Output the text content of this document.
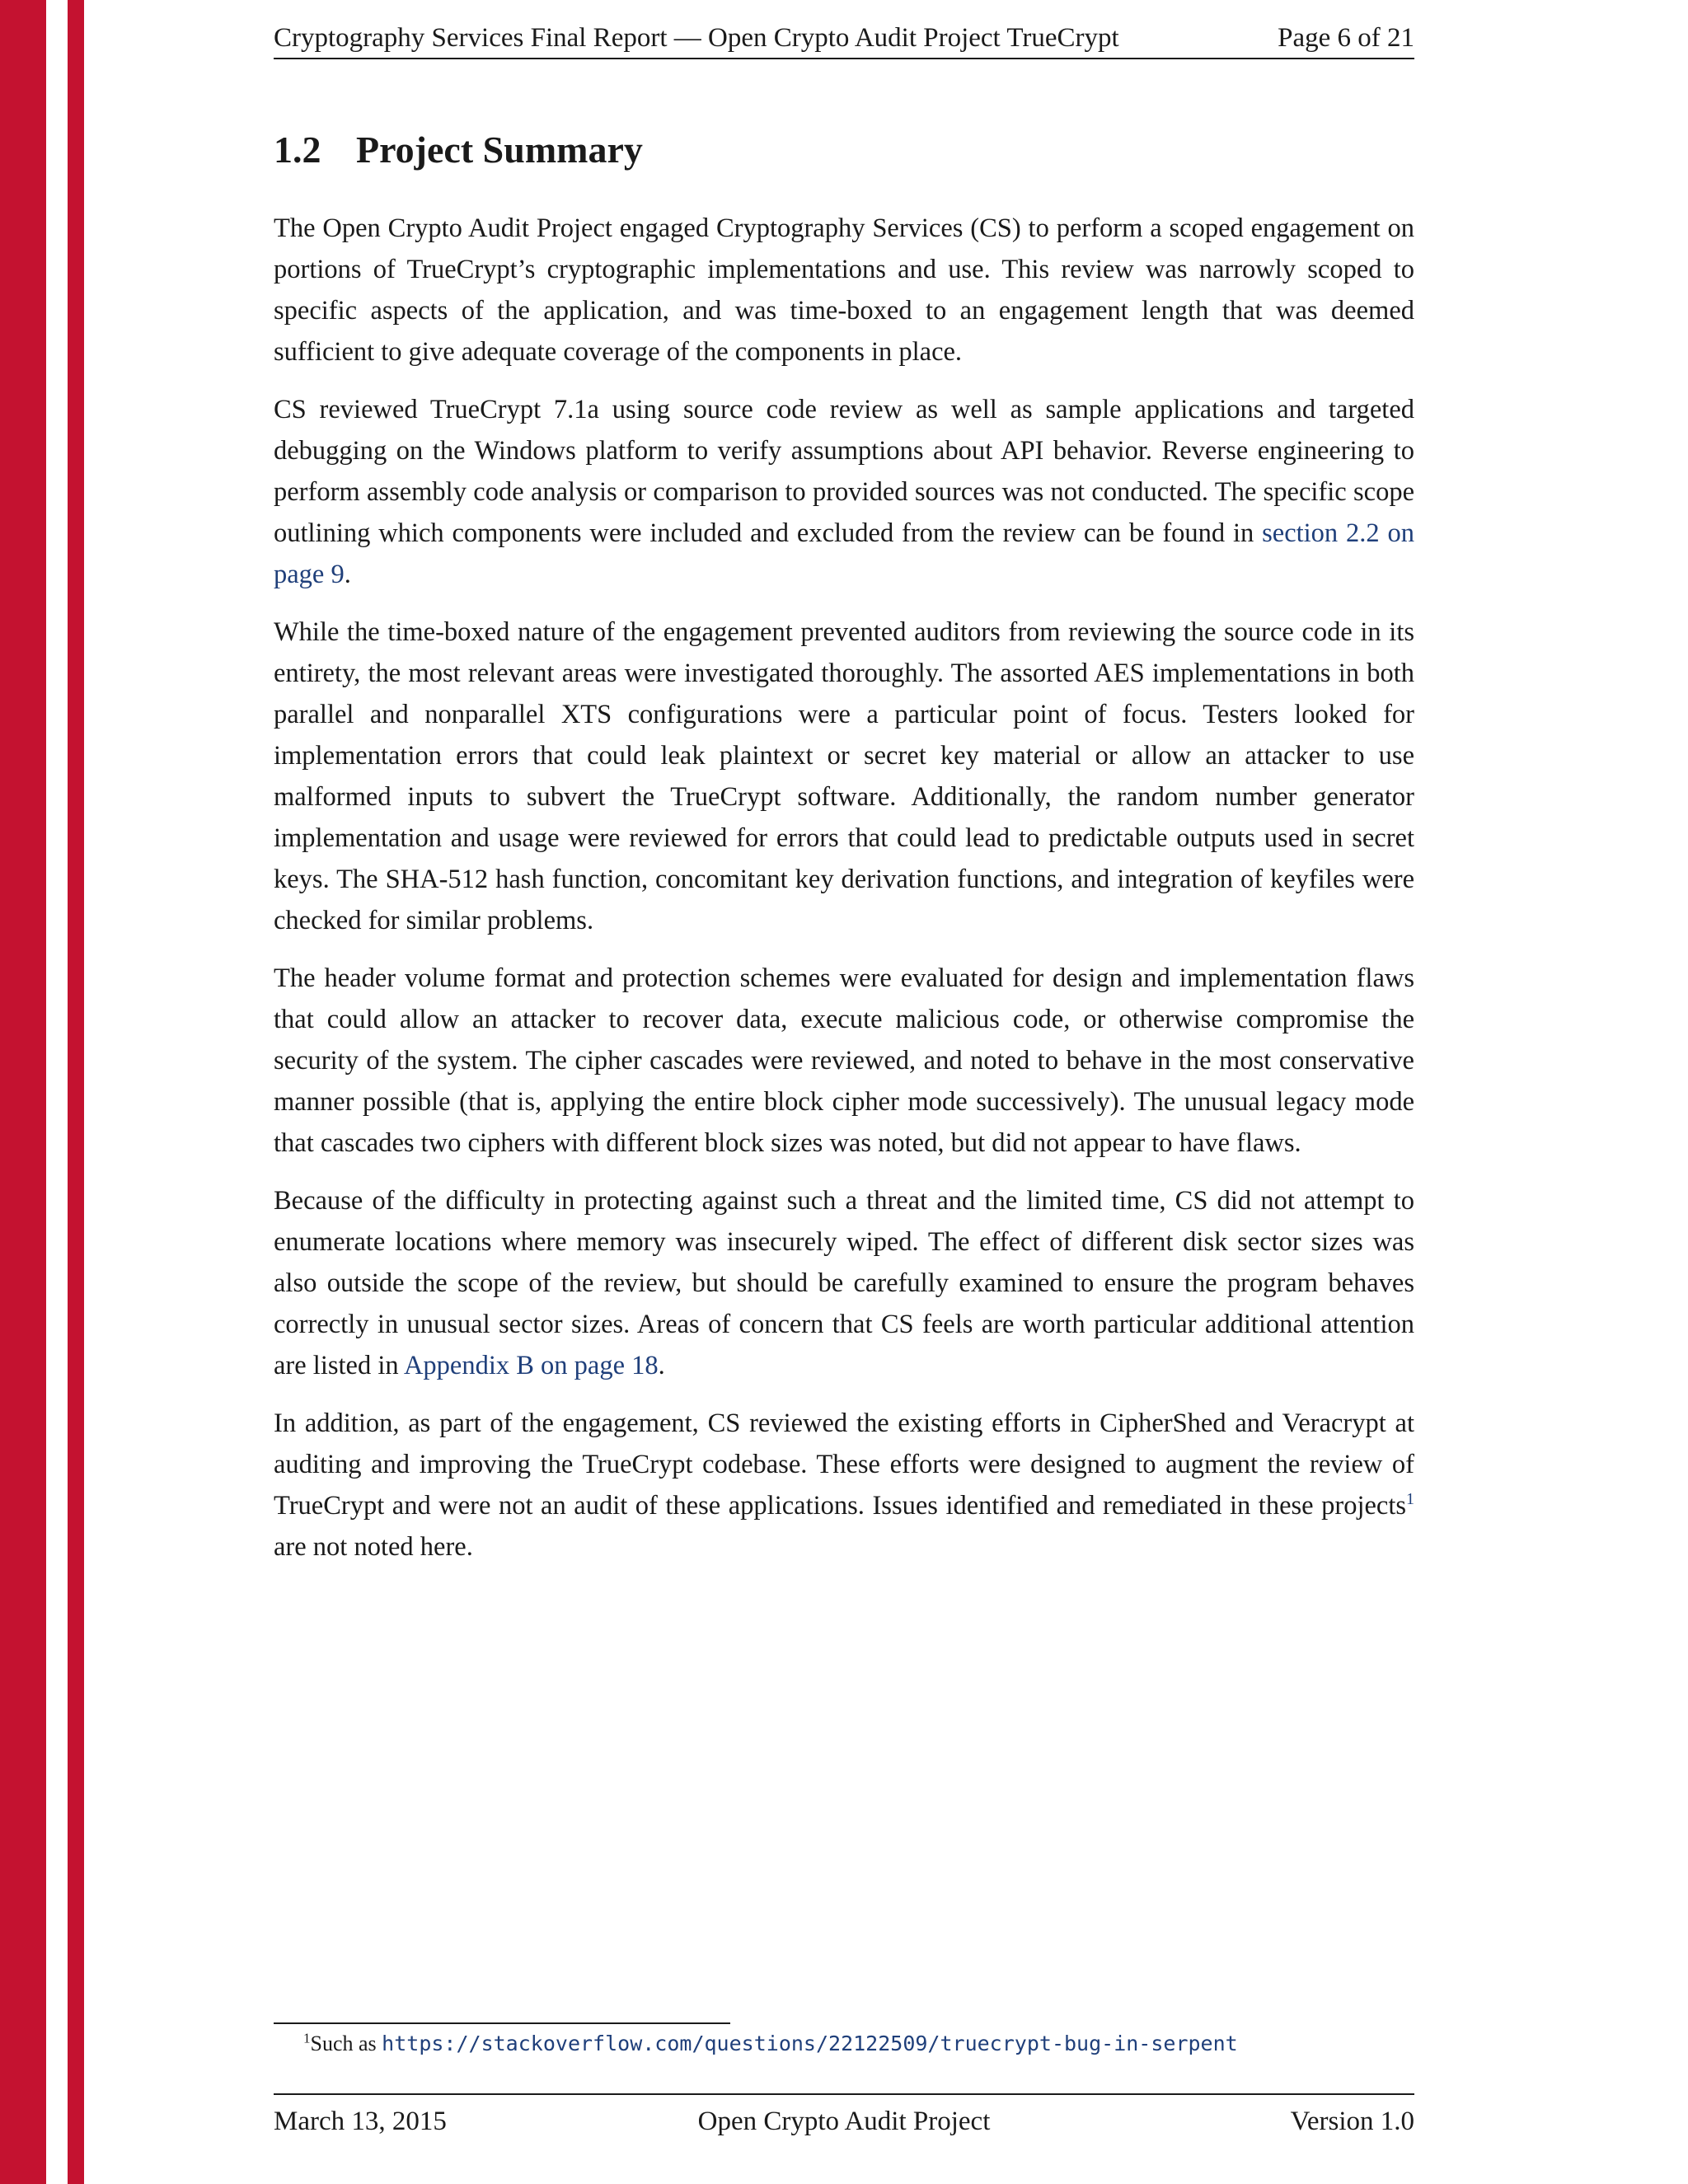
Cryptography Services Final Report — Open Crypto Audit Project TrueCrypt	Page 6 of 21
1.2 Project Summary

The Open Crypto Audit Project engaged Cryptography Services (CS) to perform a scoped engagement on portions of TrueCrypt’s cryptographic implementations and use. This review was narrowly scoped to specific aspects of the application, and was time-boxed to an engagement length that was deemed sufficient to give adequate coverage of the components in place.

CS reviewed TrueCrypt 7.1a using source code review as well as sample applications and targeted debugging on the Windows platform to verify assumptions about API behavior. Reverse engineering to perform assembly code analysis or comparison to provided sources was not conducted. The specific scope outlining which components were included and excluded from the review can be found in section 2.2 on page 9.

While the time-boxed nature of the engagement prevented auditors from reviewing the source code in its entirety, the most relevant areas were investigated thoroughly. The assorted AES implementations in both parallel and nonparallel XTS configurations were a particular point of focus. Testers looked for implementation errors that could leak plaintext or secret key material or allow an attacker to use malformed inputs to subvert the TrueCrypt software. Additionally, the random number generator implementation and usage were reviewed for errors that could lead to predictable outputs used in secret keys. The SHA-512 hash function, concomitant key derivation functions, and integration of keyfiles were checked for similar problems.

The header volume format and protection schemes were evaluated for design and implementation flaws that could allow an attacker to recover data, execute malicious code, or otherwise compromise the security of the system. The cipher cascades were reviewed, and noted to behave in the most conservative manner possible (that is, applying the entire block cipher mode successively). The unusual legacy mode that cascades two ciphers with different block sizes was noted, but did not appear to have flaws.

Because of the difficulty in protecting against such a threat and the limited time, CS did not attempt to enumerate locations where memory was insecurely wiped. The effect of different disk sector sizes was also outside the scope of the review, but should be carefully examined to ensure the program behaves correctly in unusual sector sizes. Areas of concern that CS feels are worth particular additional attention are listed in Appendix B on page 18.

In addition, as part of the engagement, CS reviewed the existing efforts in CipherShed and Veracrypt at auditing and improving the TrueCrypt codebase. These efforts were designed to augment the review of TrueCrypt and were not an audit of these applications. Issues identified and remediated in these projects$^1$ are not noted here.

$^1$Such as https://stackoverflow.com/questions/22122509/truecrypt-bug-in-serpent
March 13, 2015	Open Crypto Audit Project	Version 1.0
